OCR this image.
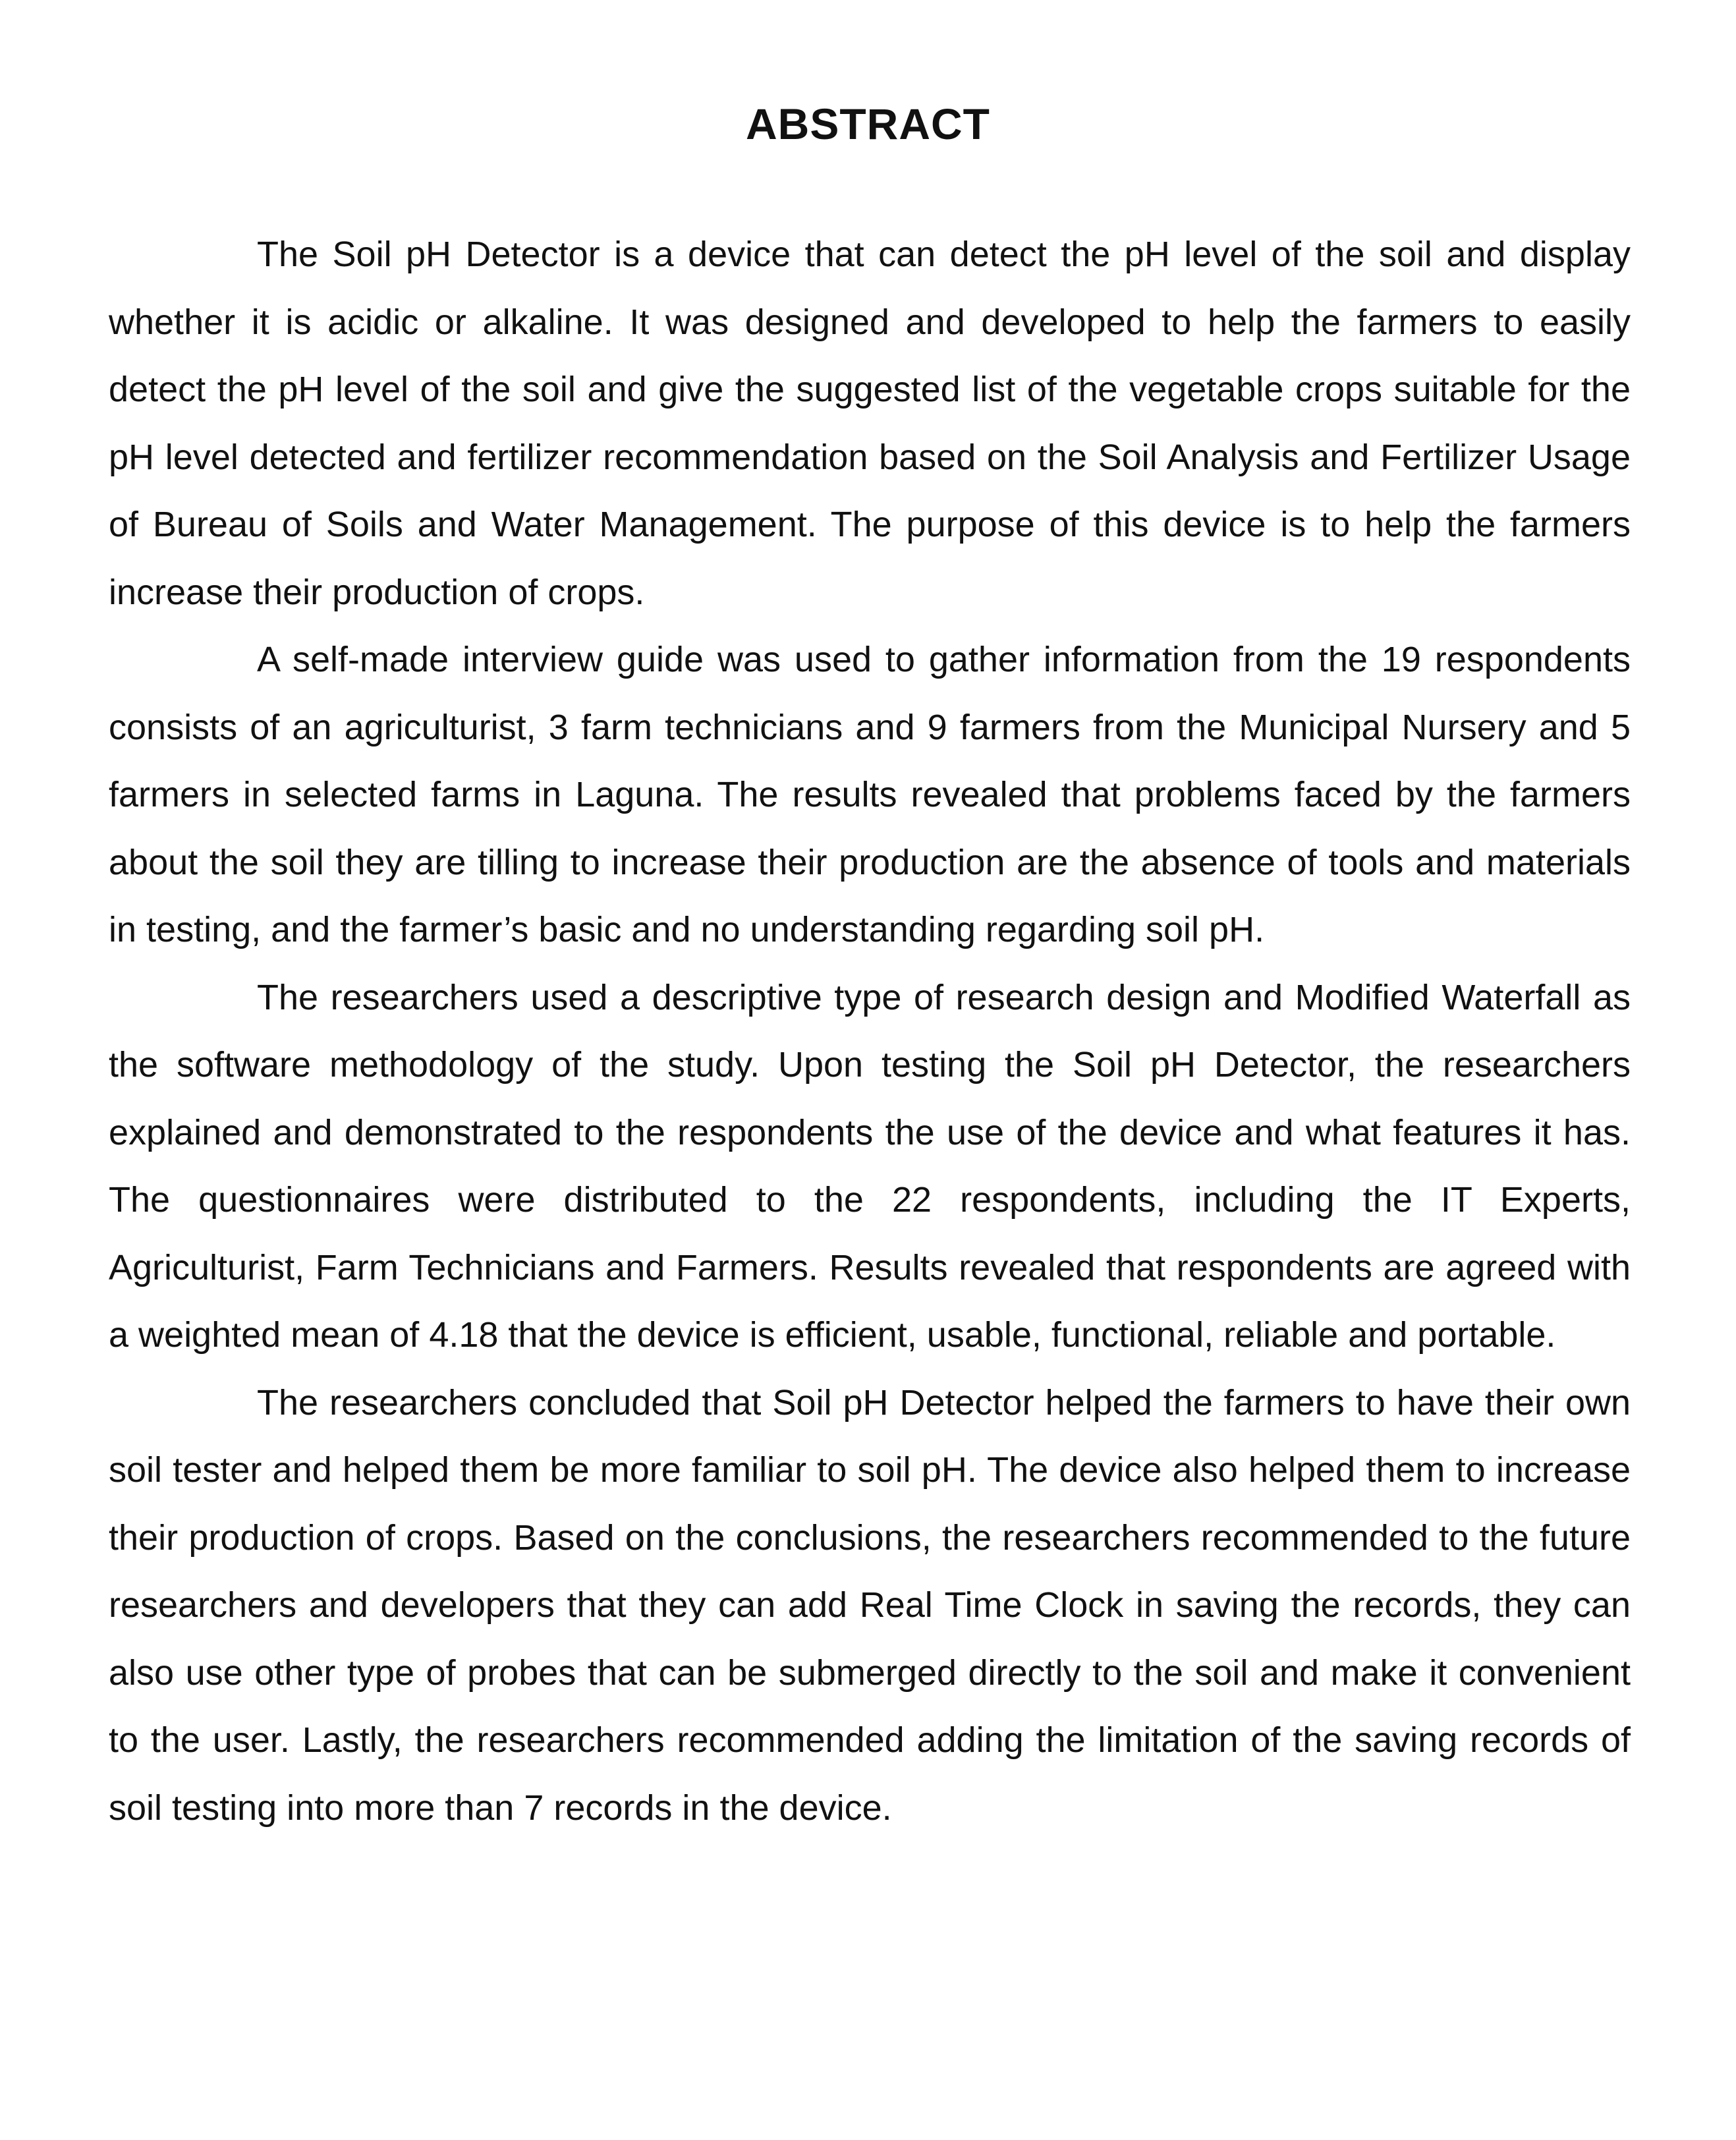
ABSTRACT

The Soil pH Detector is a device that can detect the pH level of the soil and display whether it is acidic or alkaline. It was designed and developed to help the farmers to easily detect the pH level of the soil and give the suggested list of the vegetable crops suitable for the pH level detected and fertilizer recommendation based on the Soil Analysis and Fertilizer Usage of Bureau of Soils and Water Management. The purpose of this device is to help the farmers increase their production of crops.

A self-made interview guide was used to gather information from the 19 respondents consists of an agriculturist, 3 farm technicians and 9 farmers from the Municipal Nursery and 5 farmers in selected farms in Laguna. The results revealed that problems faced by the farmers about the soil they are tilling to increase their production are the absence of tools and materials in testing, and the farmer’s basic and no understanding regarding soil pH.

The researchers used a descriptive type of research design and Modified Waterfall as the software methodology of the study. Upon testing the Soil pH Detector, the researchers explained and demonstrated to the respondents the use of the device and what features it has. The questionnaires were distributed to the 22 respondents, including the IT Experts, Agriculturist, Farm Technicians and Farmers. Results revealed that respondents are agreed with a weighted mean of 4.18 that the device is efficient, usable, functional, reliable and portable.

The researchers concluded that Soil pH Detector helped the farmers to have their own soil tester and helped them be more familiar to soil pH. The device also helped them to increase their production of crops. Based on the conclusions, the researchers recommended to the future researchers and developers that they can add Real Time Clock in saving the records, they can also use other type of probes that can be submerged directly to the soil and make it convenient to the user. Lastly, the researchers recommended adding the limitation of the saving records of soil testing into more than 7 records in the device.
